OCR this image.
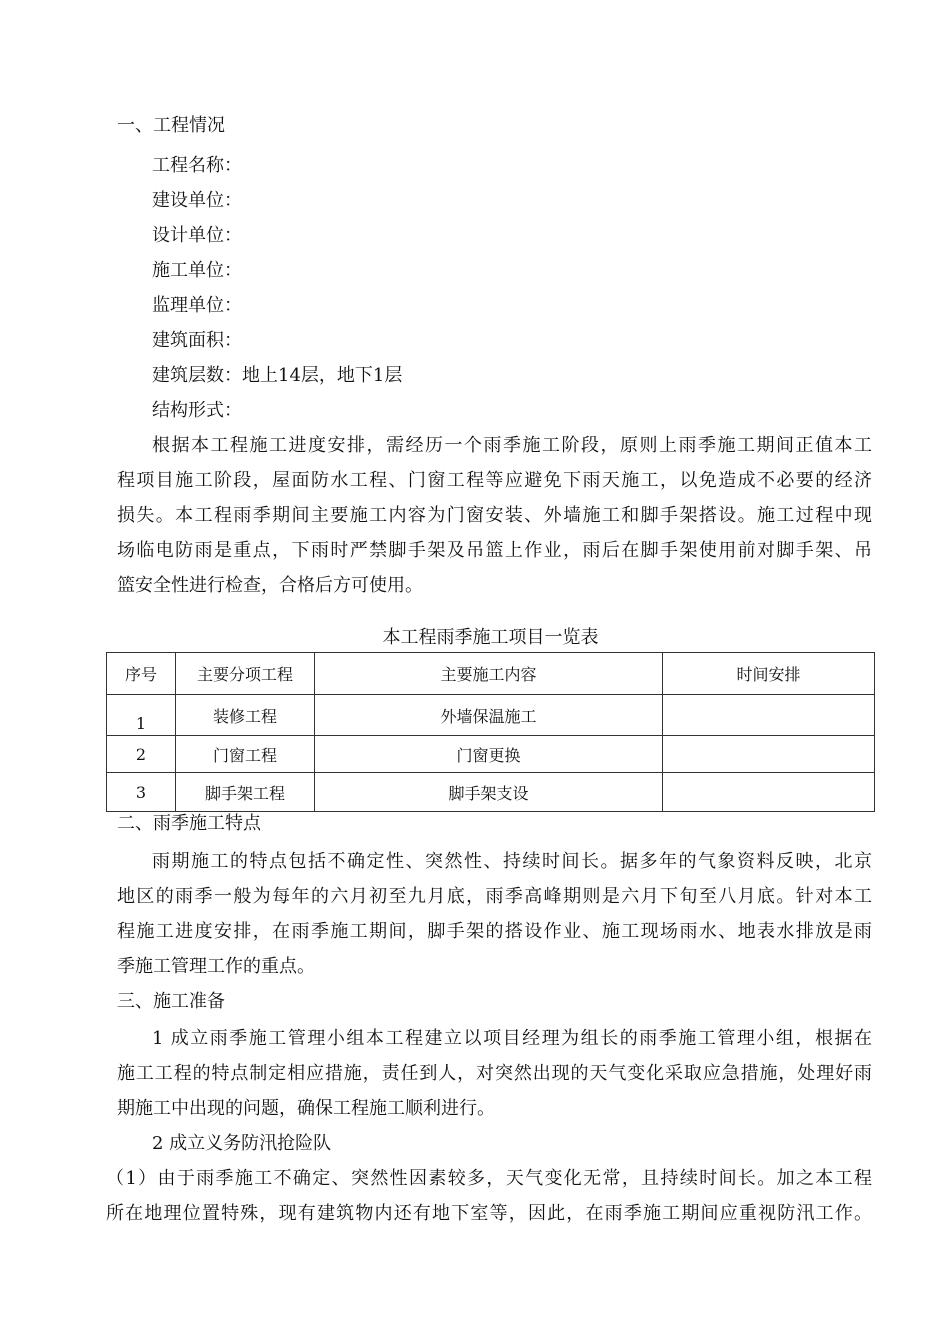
一、工程情况
工程名称：
建设单位：
设计单位：
施工单位：
监理单位：
建筑面积：
建筑层数：地上14层，地下1层
结构形式：
根据本工程施工进度安排，需经历一个雨季施工阶段，原则上雨季施工期间正值本工
程项目施工阶段，屋面防水工程、门窗工程等应避免下雨天施工，以免造成不必要的经济
损失。本工程雨季期间主要施工内容为门窗安装、外墙施工和脚手架搭设。施工过程中现
场临电防雨是重点，下雨时严禁脚手架及吊篮上作业，雨后在脚手架使用前对脚手架、吊
篮安全性进行检查，合格后方可使用。
本工程雨季施工项目一览表
序号	主要分项工程	主要施工内容	时间安排
1	装修工程	外墙保温施工	
2	门窗工程	门窗更换	
3	脚手架工程	脚手架支设	
二、雨季施工特点
雨期施工的特点包括不确定性、突然性、持续时间长。据多年的气象资料反映，北京
地区的雨季一般为每年的六月初至九月底，雨季高峰期则是六月下旬至八月底。针对本工
程施工进度安排，在雨季施工期间，脚手架的搭设作业、施工现场雨水、地表水排放是雨
季施工管理工作的重点。
三、施工准备
1 成立雨季施工管理小组本工程建立以项目经理为组长的雨季施工管理小组，根据在
施工工程的特点制定相应措施，责任到人，对突然出现的天气变化采取应急措施，处理好雨
期施工中出现的问题，确保工程施工顺利进行。
2 成立义务防汛抢险队
（1）由于雨季施工不确定、突然性因素较多，天气变化无常，且持续时间长。加之本工程
所在地理位置特殊，现有建筑物内还有地下室等，因此，在雨季施工期间应重视防汛工作。
